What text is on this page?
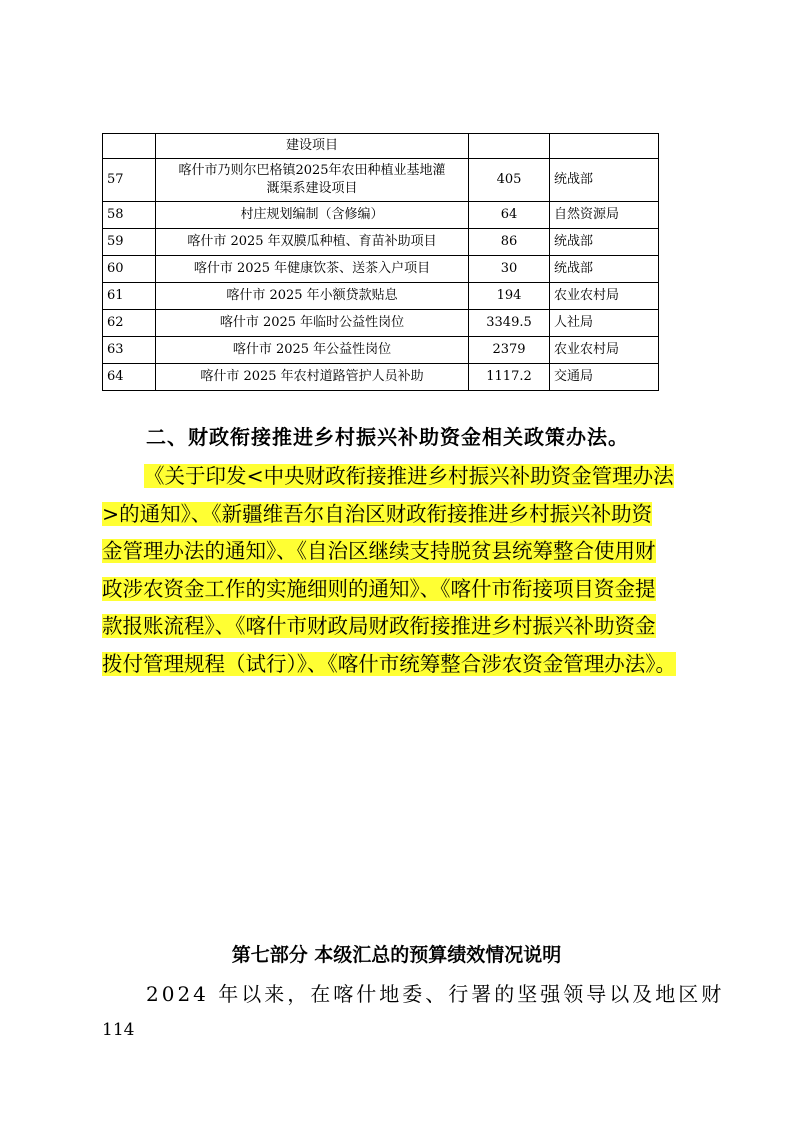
	建设项目		
57	喀什市乃则尔巴格镇2025年农田种植业基地灌
溉渠系建设项目	405	统战部
58	村庄规划编制（含修编）	64	自然资源局
59	喀什市 2025 年双膜瓜种植、育苗补助项目	86	统战部
60	喀什市 2025 年健康饮茶、送茶入户项目	30	统战部
61	喀什市 2025 年小额贷款贴息	194	农业农村局
62	喀什市 2025 年临时公益性岗位	3349.5	人社局
63	喀什市 2025 年公益性岗位	2379	农业农村局
64	喀什市 2025 年农村道路管护人员补助	1117.2	交通局
二、财政衔接推进乡村振兴补助资金相关政策办法。
《关于印发<中央财政衔接推进乡村振兴补助资金管理办法
>的通知》、《新疆维吾尔自治区财政衔接推进乡村振兴补助资
金管理办法的通知》、《自治区继续支持脱贫县统筹整合使用财
政涉农资金工作的实施细则的通知》、《喀什市衔接项目资金提
款报账流程》、《喀什市财政局财政衔接推进乡村振兴补助资金
拨付管理规程（试行）》、《喀什市统筹整合涉农资金管理办法》。
第七部分 本级汇总的预算绩效情况说明
2024 年以来，在喀什地委、行署的坚强领导以及地区财
114
